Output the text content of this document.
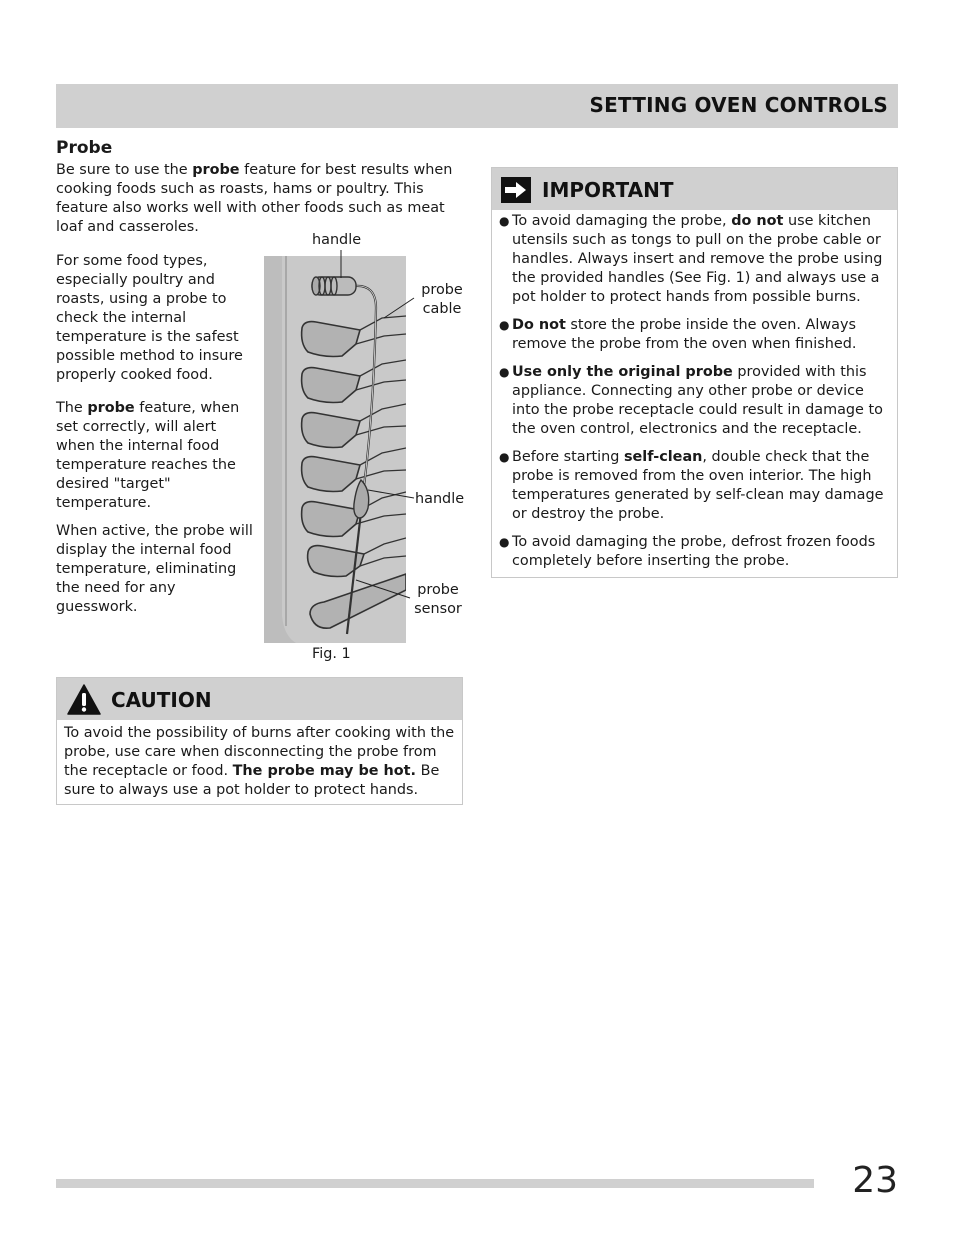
SETTING OVEN CONTROLS
Probe
Be sure to use the probe feature for best results when cooking foods such as roasts, hams or poultry. This feature also works well with other foods such as meat loaf and casseroles.
For some food types, especially poultry and roasts, using a probe to check the internal temperature is the safest possible method to insure properly cooked food.
The probe feature, when set correctly, will alert when the internal food temperature reaches the desired "target" temperature.
When active, the probe will display the internal food temperature, eliminating the need for any guesswork.
handle
probe cable
handle
probe sensor
Fig. 1
IMPORTANT
● To avoid damaging the probe, do not use kitchen utensils such as tongs to pull on the probe cable or handles. Always insert and remove the probe using the provided handles (See Fig. 1) and always use a pot holder to protect hands from possible burns.
● Do not store the probe inside the oven. Always remove the probe from the oven when finished.
● Use only the original probe provided with this appliance. Connecting any other probe or device into the probe receptacle could result in damage to the oven control, electronics and the receptacle.
● Before starting self-clean, double check that the probe is removed from the oven interior. The high temperatures generated by self-clean may damage or destroy the probe.
● To avoid damaging the probe, defrost frozen foods completely before inserting the probe.
CAUTION
To avoid the possibility of burns after cooking with the probe, use care when disconnecting the probe from the receptacle or food. The probe may be hot. Be sure to always use a pot holder to protect hands.
23
